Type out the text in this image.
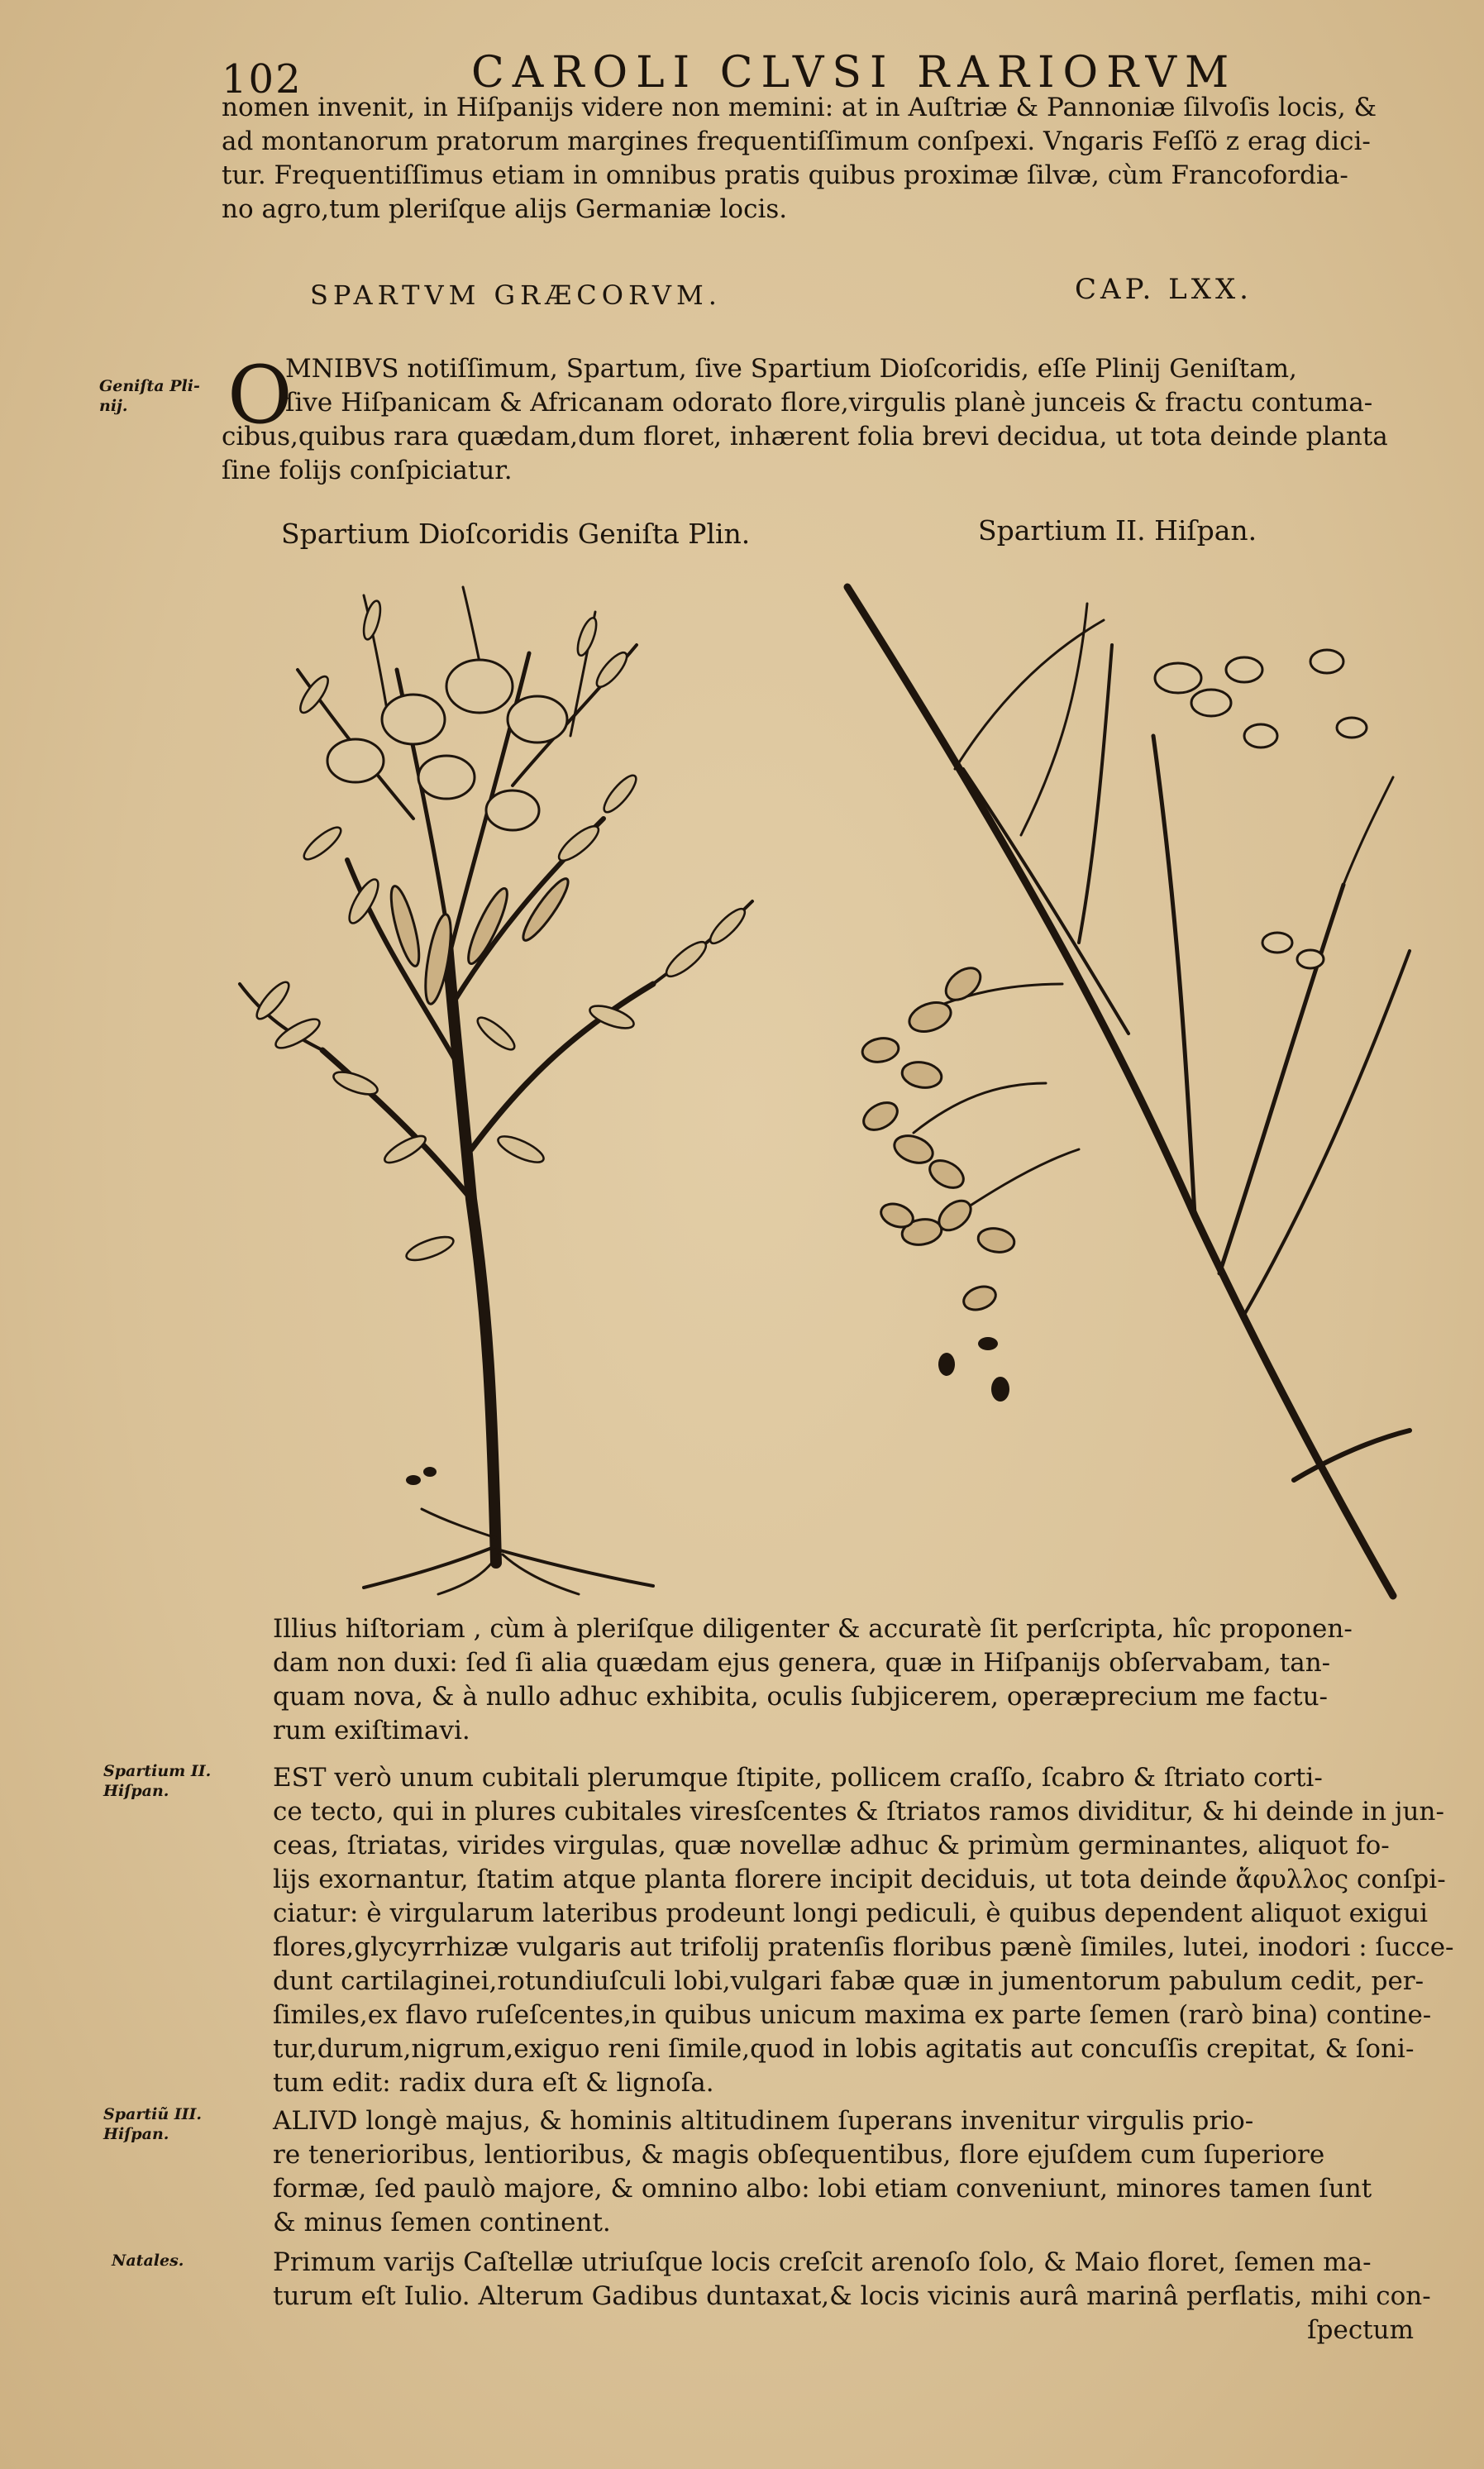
102	CAROLI CLVSI RARIORVM
nomen invenit, in Hiſpanijs videre non memini: at in Auſtriæ & Pannoniæ ſilvoſis locis, &
ad montanorum pratorum margines frequentiſſimum conſpexi. Vngaris Feſſö z erag dici-
tur. Frequentiſſimus etiam in omnibus pratis quibus proximæ ſilvæ, cùm Francofordia-
no agro,tum pleriſque alijs Germaniæ locis.
SPARTVM GRÆCORVM.	CAP. LXX.
Geniſta Pli-nij.	O
MNIBVS notiſſimum, Spartum, ſive Spartium Dioſcoridis, eſſe Plinij Geniſtam,
ſive Hiſpanicam & Africanam odorato flore,virgulis planè junceis & fractu contuma-
cibus,quibus rara quædam,dum floret, inhærent folia brevi decidua, ut tota deinde planta
ſine folijs conſpiciatur.
Spartium Dioſcoridis Geniſta Plin.	Spartium II. Hiſpan.
Illius hiſtoriam , cùm à pleriſque diligenter & accuratè ſit perſcripta, hîc proponen-
dam non duxi: ſed ſi alia quædam ejus genera, quæ in Hiſpanijs obſervabam, tan-
quam nova, & à nullo adhuc exhibita, oculis ſubjicerem, operæprecium me factu-
rum exiſtimavi.
Spartium II. Hiſpan.	EST verò unum cubitali plerumque ſtipite, pollicem craſſo, ſcabro & ſtriato corti-
ce tecto, qui in plures cubitales viresſcentes & ſtriatos ramos dividitur, & hi deinde in jun-
ceas, ſtriatas, virides virgulas, quæ novellæ adhuc & primùm germinantes, aliquot fo-
lijs exornantur, ſtatim atque planta florere incipit deciduis, ut tota deinde ἄφυλλος conſpi-
ciatur: è virgularum lateribus prodeunt longi pediculi, è quibus dependent aliquot exigui
flores,glycyrrhizæ vulgaris aut trifolij pratenſis floribus pænè ſimiles, lutei, inodori : ſucce-
dunt cartilaginei,rotundiuſculi lobi,vulgari fabæ quæ in jumentorum pabulum cedit, per-
ſimiles,ex flavo ruſeſcentes,in quibus unicum maxima ex parte ſemen (rarò bina) contine-
tur,durum,nigrum,exiguo reni ſimile,quod in lobis agitatis aut concuſſis crepitat, & ſoni-
tum edit: radix dura eſt & lignoſa.
Spartiũ III. Hiſpan.	ALIVD longè majus, & hominis altitudinem ſuperans invenitur virgulis prio-
re tenerioribus, lentioribus, & magis obſequentibus, flore ejuſdem cum ſuperiore
formæ, ſed paulò majore, & omnino albo: lobi etiam conveniunt, minores tamen ſunt
& minus ſemen continent.
Natales.	Primum varijs Caſtellæ utriuſque locis creſcit arenoſo ſolo, & Maio floret, ſemen ma-
turum eſt Iulio. Alterum Gadibus duntaxat,& locis vicinis aurâ marinâ perflatis, mihi con-
ſpectum
